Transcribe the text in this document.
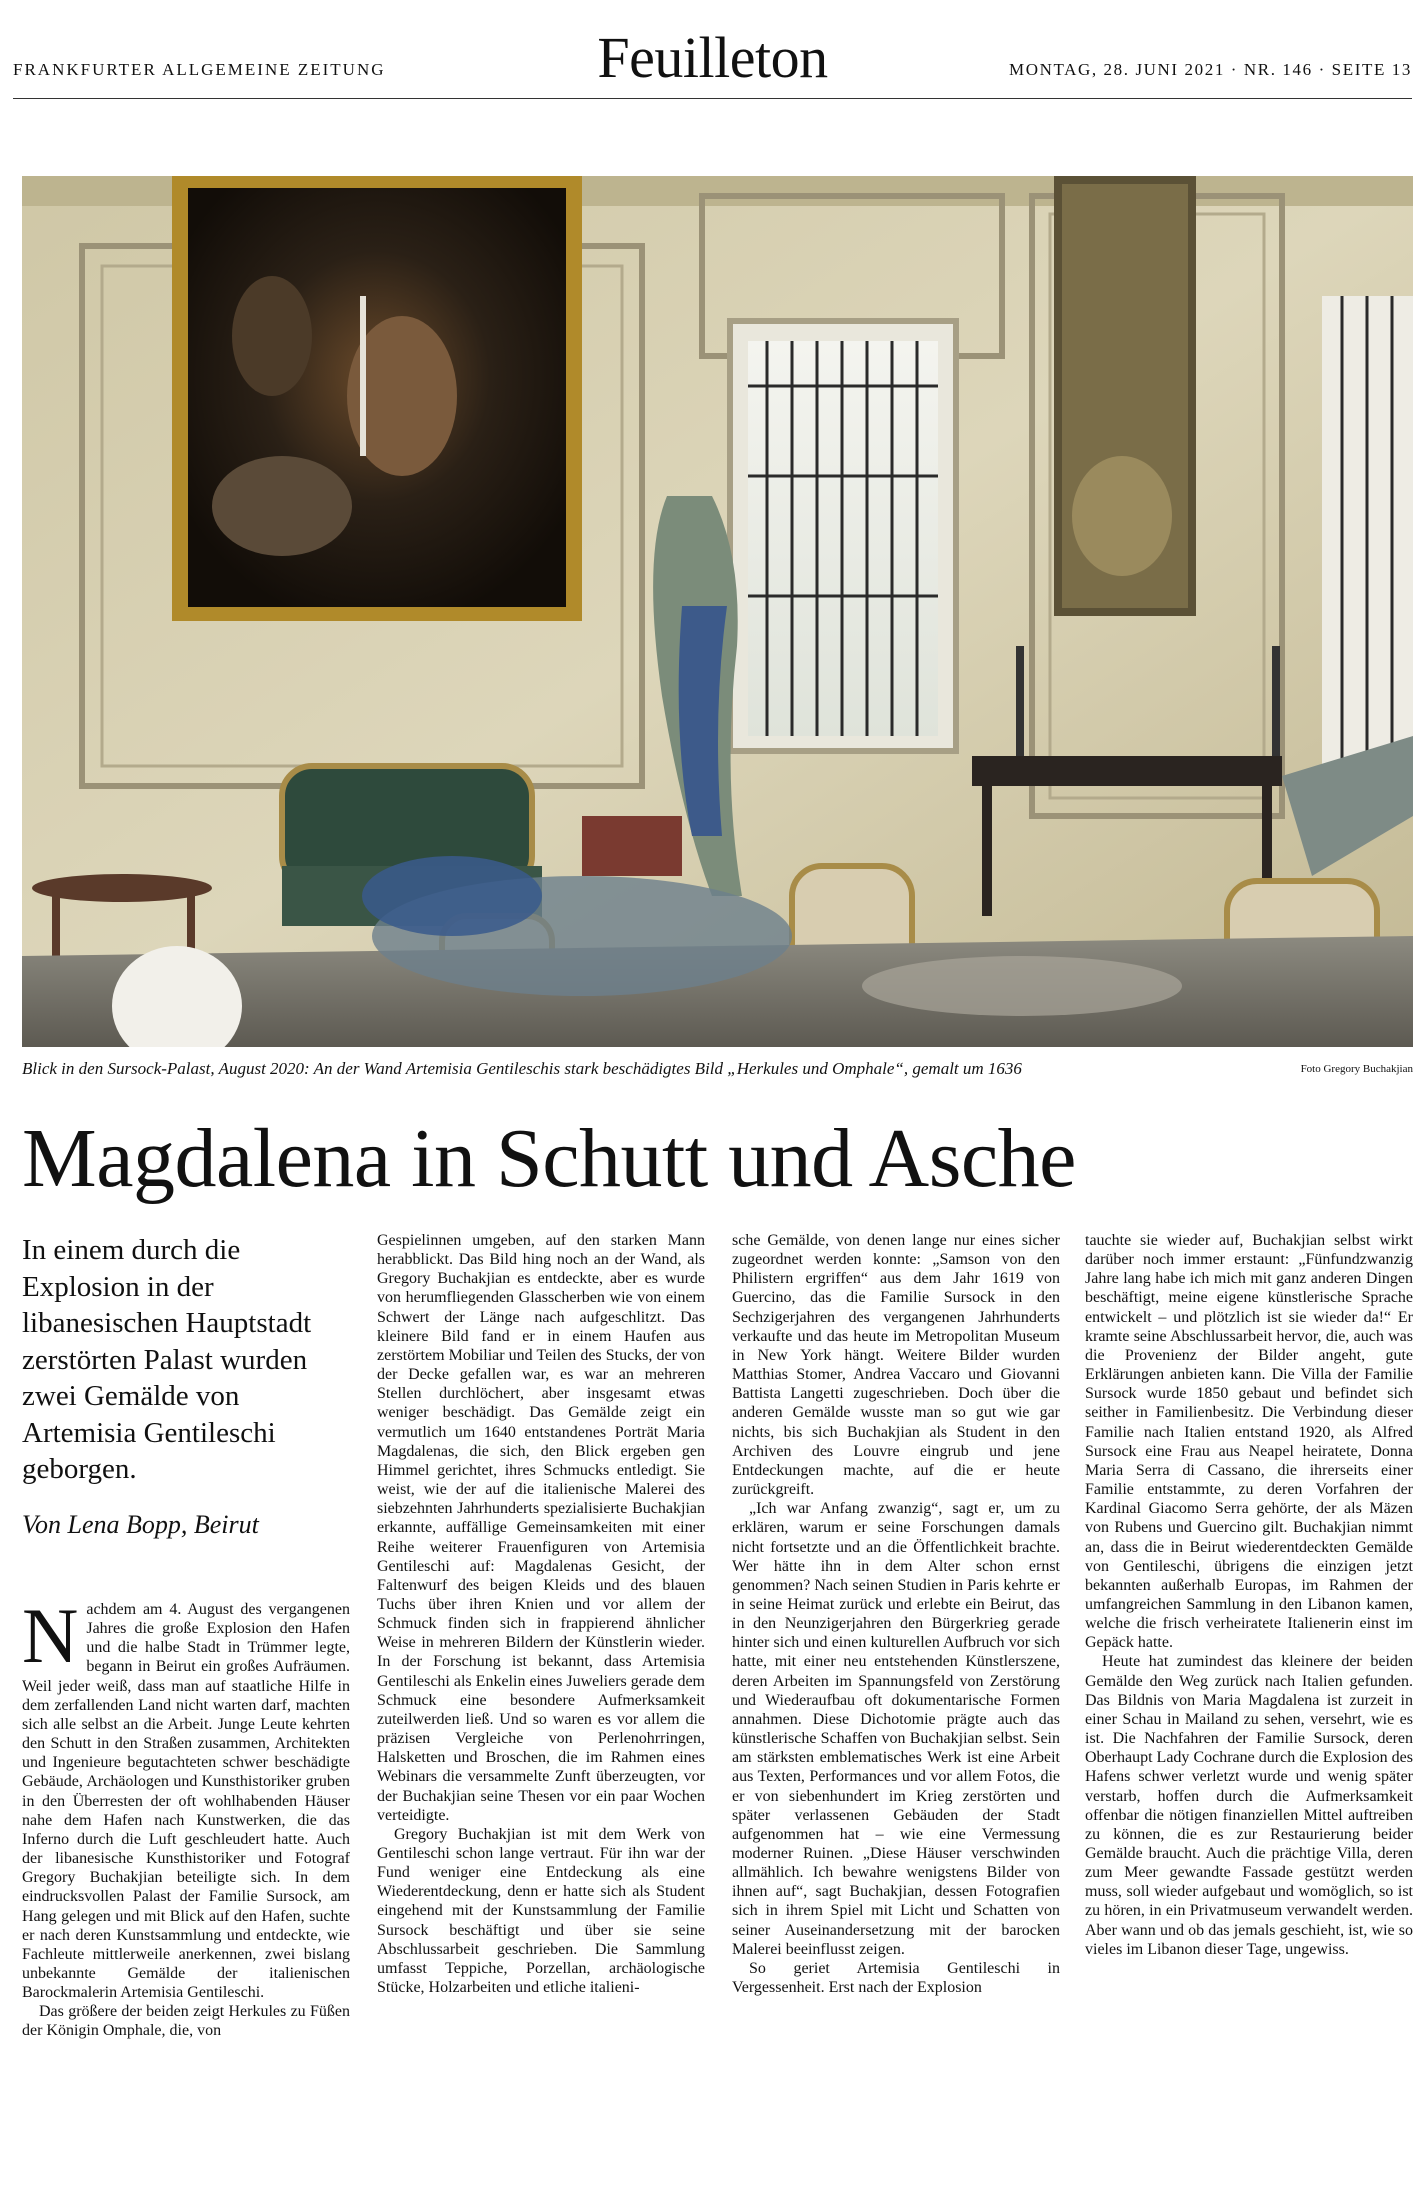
FRANKFURTER ALLGEMEINE ZEITUNG	Feuilleton	MONTAG, 28. JUNI 2021 · NR. 146 · SEITE 13
Blick in den Sursock-Palast, August 2020: An der Wand Artemisia Gentileschis stark beschädigtes Bild „Herkules und Omphale“, gemalt um 1636	Foto Gregory Buchakjian
Magdalena in Schutt und Asche
In einem durch die Explosion in der libanesischen Hauptstadt zerstörten Palast wurden zwei Gemälde von Artemisia Gentileschi geborgen.
Von Lena Bopp, Beirut

Nachdem am 4. August des vergangenen Jahres die große Explosion den Hafen und die halbe Stadt in Trümmer legte, begann in Beirut ein großes Aufräumen. Weil jeder weiß, dass man auf staatliche Hilfe in dem zerfallenden Land nicht warten darf, machten sich alle selbst an die Arbeit. Junge Leute kehrten den Schutt in den Straßen zusammen, Architekten und Ingenieure begutachteten schwer beschädigte Gebäude, Archäologen und Kunsthistoriker gruben in den Überresten der oft wohlhabenden Häuser nahe dem Hafen nach Kunstwerken, die das Inferno durch die Luft geschleudert hatte. Auch der libanesische Kunsthistoriker und Fotograf Gregory Buchakjian beteiligte sich. In dem eindrucksvollen Palast der Familie Sursock, am Hang gelegen und mit Blick auf den Hafen, suchte er nach deren Kunstsammlung und entdeckte, wie Fachleute mittlerweile anerkennen, zwei bislang unbekannte Gemälde der italienischen Barockmalerin Artemisia Gentileschi.

Das größere der beiden zeigt Herkules zu Füßen der Königin Omphale, die, von

Gespielinnen umgeben, auf den starken Mann herabblickt. Das Bild hing noch an der Wand, als Gregory Buchakjian es entdeckte, aber es wurde von herumfliegenden Glasscherben wie von einem Schwert der Länge nach aufgeschlitzt. Das kleinere Bild fand er in einem Haufen aus zerstörtem Mobiliar und Teilen des Stucks, der von der Decke gefallen war, es war an mehreren Stellen durchlöchert, aber insgesamt etwas weniger beschädigt. Das Gemälde zeigt ein vermutlich um 1640 entstandenes Porträt Maria Magdalenas, die sich, den Blick ergeben gen Himmel gerichtet, ihres Schmucks entledigt. Sie weist, wie der auf die italienische Malerei des siebzehnten Jahrhunderts spezialisierte Buchakjian erkannte, auffällige Gemeinsamkeiten mit einer Reihe weiterer Frauenfiguren von Artemisia Gentileschi auf: Magdalenas Gesicht, der Faltenwurf des beigen Kleids und des blauen Tuchs über ihren Knien und vor allem der Schmuck finden sich in frappierend ähnlicher Weise in mehreren Bildern der Künstlerin wieder. In der Forschung ist bekannt, dass Artemisia Gentileschi als Enkelin eines Juweliers gerade dem Schmuck eine besondere Aufmerksamkeit zuteilwerden ließ. Und so waren es vor allem die präzisen Vergleiche von Perlenohrringen, Halsketten und Broschen, die im Rahmen eines Webinars die versammelte Zunft überzeugten, vor der Buchakjian seine Thesen vor ein paar Wochen verteidigte.

Gregory Buchakjian ist mit dem Werk von Gentileschi schon lange vertraut. Für ihn war der Fund weniger eine Entdeckung als eine Wiederentdeckung, denn er hatte sich als Student eingehend mit der Kunstsammlung der Familie Sursock beschäftigt und über sie seine Abschlussarbeit geschrieben. Die Sammlung umfasst Teppiche, Porzellan, archäologische Stücke, Holzarbeiten und etliche italieni-

sche Gemälde, von denen lange nur eines sicher zugeordnet werden konnte: „Samson von den Philistern ergriffen“ aus dem Jahr 1619 von Guercino, das die Familie Sursock in den Sechzigerjahren des vergangenen Jahrhunderts verkaufte und das heute im Metropolitan Museum in New York hängt. Weitere Bilder wurden Matthias Stomer, Andrea Vaccaro und Giovanni Battista Langetti zugeschrieben. Doch über die anderen Gemälde wusste man so gut wie gar nichts, bis sich Buchakjian als Student in den Archiven des Louvre eingrub und jene Entdeckungen machte, auf die er heute zurückgreift.

„Ich war Anfang zwanzig“, sagt er, um zu erklären, warum er seine Forschungen damals nicht fortsetzte und an die Öffentlichkeit brachte. Wer hätte ihn in dem Alter schon ernst genommen? Nach seinen Studien in Paris kehrte er in seine Heimat zurück und erlebte ein Beirut, das in den Neunzigerjahren den Bürgerkrieg gerade hinter sich und einen kulturellen Aufbruch vor sich hatte, mit einer neu entstehenden Künstlerszene, deren Arbeiten im Spannungsfeld von Zerstörung und Wiederaufbau oft dokumentarische Formen annahmen. Diese Dichotomie prägte auch das künstlerische Schaffen von Buchakjian selbst. Sein am stärksten emblematisches Werk ist eine Arbeit aus Texten, Performances und vor allem Fotos, die er von siebenhundert im Krieg zerstörten und später verlassenen Gebäuden der Stadt aufgenommen hat – wie eine Vermessung moderner Ruinen. „Diese Häuser verschwinden allmählich. Ich bewahre wenigstens Bilder von ihnen auf“, sagt Buchakjian, dessen Fotografien sich in ihrem Spiel mit Licht und Schatten von seiner Auseinandersetzung mit der barocken Malerei beeinflusst zeigen.

So geriet Artemisia Gentileschi in Vergessenheit. Erst nach der Explosion

tauchte sie wieder auf, Buchakjian selbst wirkt darüber noch immer erstaunt: „Fünfundzwanzig Jahre lang habe ich mich mit ganz anderen Dingen beschäftigt, meine eigene künstlerische Sprache entwickelt – und plötzlich ist sie wieder da!“ Er kramte seine Abschlussarbeit hervor, die, auch was die Provenienz der Bilder angeht, gute Erklärungen anbieten kann. Die Villa der Familie Sursock wurde 1850 gebaut und befindet sich seither in Familienbesitz. Die Verbindung dieser Familie nach Italien entstand 1920, als Alfred Sursock eine Frau aus Neapel heiratete, Donna Maria Serra di Cassano, die ihrerseits einer Familie entstammte, zu deren Vorfahren der Kardinal Giacomo Serra gehörte, der als Mäzen von Rubens und Guercino gilt. Buchakjian nimmt an, dass die in Beirut wiederentdeckten Gemälde von Gentileschi, übrigens die einzigen jetzt bekannten außerhalb Europas, im Rahmen der umfangreichen Sammlung in den Libanon kamen, welche die frisch verheiratete Italienerin einst im Gepäck hatte.

Heute hat zumindest das kleinere der beiden Gemälde den Weg zurück nach Italien gefunden. Das Bildnis von Maria Magdalena ist zurzeit in einer Schau in Mailand zu sehen, versehrt, wie es ist. Die Nachfahren der Familie Sursock, deren Oberhaupt Lady Cochrane durch die Explosion des Hafens schwer verletzt wurde und wenig später verstarb, hoffen durch die Aufmerksamkeit offenbar die nötigen finanziellen Mittel auftreiben zu können, die es zur Restaurierung beider Gemälde braucht. Auch die prächtige Villa, deren zum Meer gewandte Fassade gestützt werden muss, soll wieder aufgebaut und womöglich, so ist zu hören, in ein Privatmuseum verwandelt werden. Aber wann und ob das jemals geschieht, ist, wie so vieles im Libanon dieser Tage, ungewiss.
